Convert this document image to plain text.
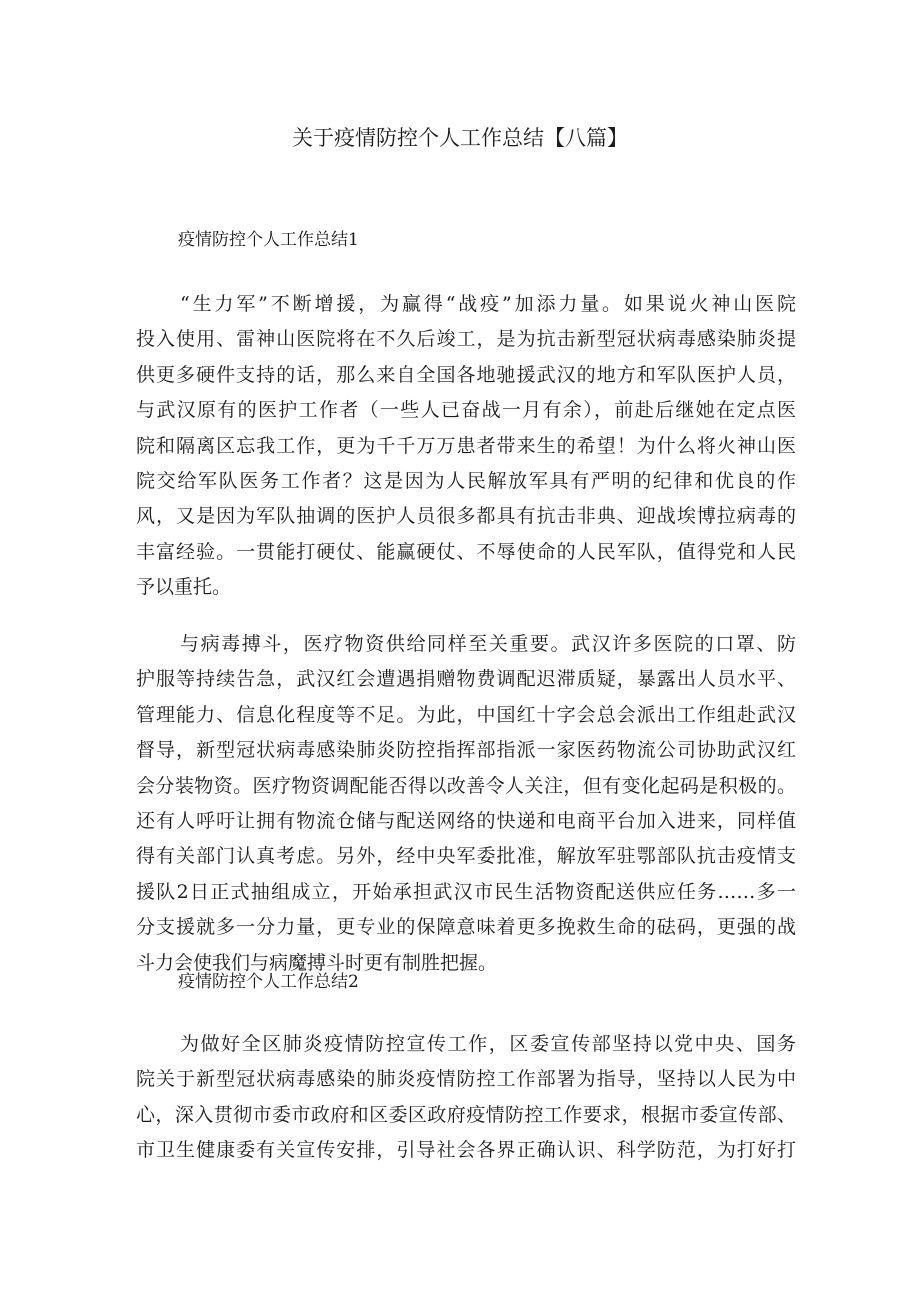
关于疫情防控个人工作总结【八篇】
疫情防控个人工作总结1
“生力军”不断增援，为赢得“战疫”加添力量。如果说火神山医院
投入使用、雷神山医院将在不久后竣工，是为抗击新型冠状病毒感染肺炎提
供更多硬件支持的话，那么来自全国各地驰援武汉的地方和军队医护人员，
与武汉原有的医护工作者（一些人已奋战一月有余），前赴后继她在定点医
院和隔离区忘我工作，更为千千万万患者带来生的希望！为什么将火神山医
院交给军队医务工作者？这是因为人民解放军具有严明的纪律和优良的作
风，又是因为军队抽调的医护人员很多都具有抗击非典、迎战埃博拉病毒的
丰富经验。一贯能打硬仗、能赢硬仗、不辱使命的人民军队，值得党和人民
予以重托。
与病毒搏斗，医疗物资供给同样至关重要。武汉许多医院的口罩、防
护服等持续告急，武汉红会遭遇捐赠物费调配迟滞质疑，暴露出人员水平、
管理能力、信息化程度等不足。为此，中国红十字会总会派出工作组赴武汉
督导，新型冠状病毒感染肺炎防控指挥部指派一家医药物流公司协助武汉红
会分装物资。医疗物资调配能否得以改善令人关注，但有变化起码是积极的。
还有人呼吁让拥有物流仓储与配送网络的快递和电商平台加入进来，同样值
得有关部门认真考虑。另外，经中央军委批准，解放军驻鄂部队抗击疫情支
援队2日正式抽组成立，开始承担武汉市民生活物资配送供应任务……多一
分支援就多一分力量，更专业的保障意味着更多挽救生命的砝码，更强的战
斗力会使我们与病魔搏斗时更有制胜把握。
疫情防控个人工作总结2
为做好全区肺炎疫情防控宣传工作，区委宣传部坚持以党中央、国务
院关于新型冠状病毒感染的肺炎疫情防控工作部署为指导，坚持以人民为中
心，深入贯彻市委市政府和区委区政府疫情防控工作要求，根据市委宣传部、
市卫生健康委有关宣传安排，引导社会各界正确认识、科学防范，为打好打
